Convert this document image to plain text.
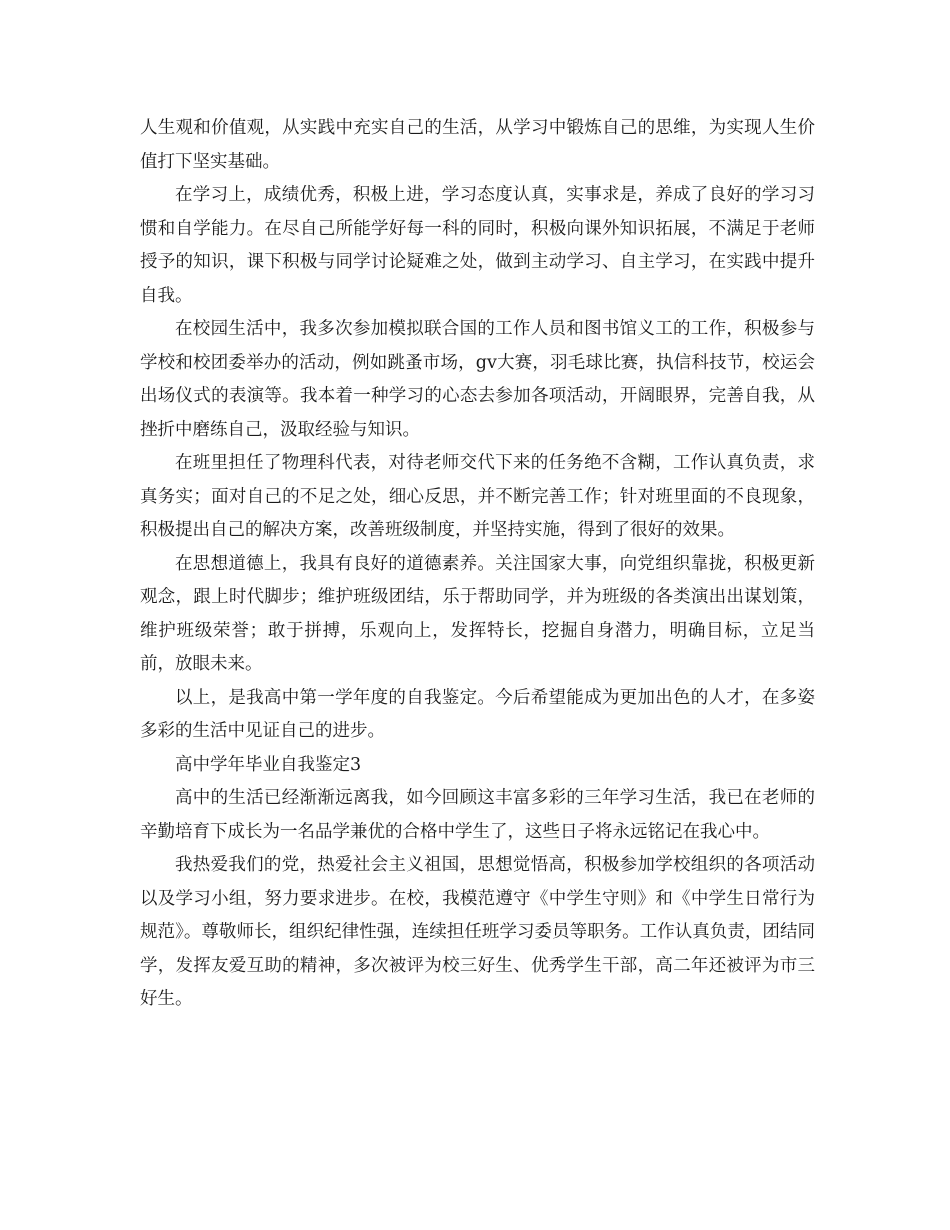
人生观和价值观，从实践中充实自己的生活，从学习中锻炼自己的思维，为实现人生价值打下坚实基础。

在学习上，成绩优秀，积极上进，学习态度认真，实事求是，养成了良好的学习习惯和自学能力。在尽自己所能学好每一科的同时，积极向课外知识拓展，不满足于老师授予的知识，课下积极与同学讨论疑难之处，做到主动学习、自主学习，在实践中提升自我。

在校园生活中，我多次参加模拟联合国的工作人员和图书馆义工的工作，积极参与学校和校团委举办的活动，例如跳蚤市场，gv大赛，羽毛球比赛，执信科技节，校运会出场仪式的表演等。我本着一种学习的心态去参加各项活动，开阔眼界，完善自我，从挫折中磨练自己，汲取经验与知识。

在班里担任了物理科代表，对待老师交代下来的任务绝不含糊，工作认真负责，求真务实；面对自己的不足之处，细心反思，并不断完善工作；针对班里面的不良现象，积极提出自己的解决方案，改善班级制度，并坚持实施，得到了很好的效果。

在思想道德上，我具有良好的道德素养。关注国家大事，向党组织靠拢，积极更新观念，跟上时代脚步；维护班级团结，乐于帮助同学，并为班级的各类演出出谋划策，维护班级荣誉；敢于拼搏，乐观向上，发挥特长，挖掘自身潜力，明确目标，立足当前，放眼未来。

以上，是我高中第一学年度的自我鉴定。今后希望能成为更加出色的人才，在多姿多彩的生活中见证自己的进步。

高中学年毕业自我鉴定3

高中的生活已经渐渐远离我，如今回顾这丰富多彩的三年学习生活，我已在老师的辛勤培育下成长为一名品学兼优的合格中学生了，这些日子将永远铭记在我心中。

我热爱我们的党，热爱社会主义祖国，思想觉悟高，积极参加学校组织的各项活动以及学习小组，努力要求进步。在校，我模范遵守《中学生守则》和《中学生日常行为规范》。尊敬师长，组织纪律性强，连续担任班学习委员等职务。工作认真负责，团结同学，发挥友爱互助的精神，多次被评为校三好生、优秀学生干部，高二年还被评为市三好生。
